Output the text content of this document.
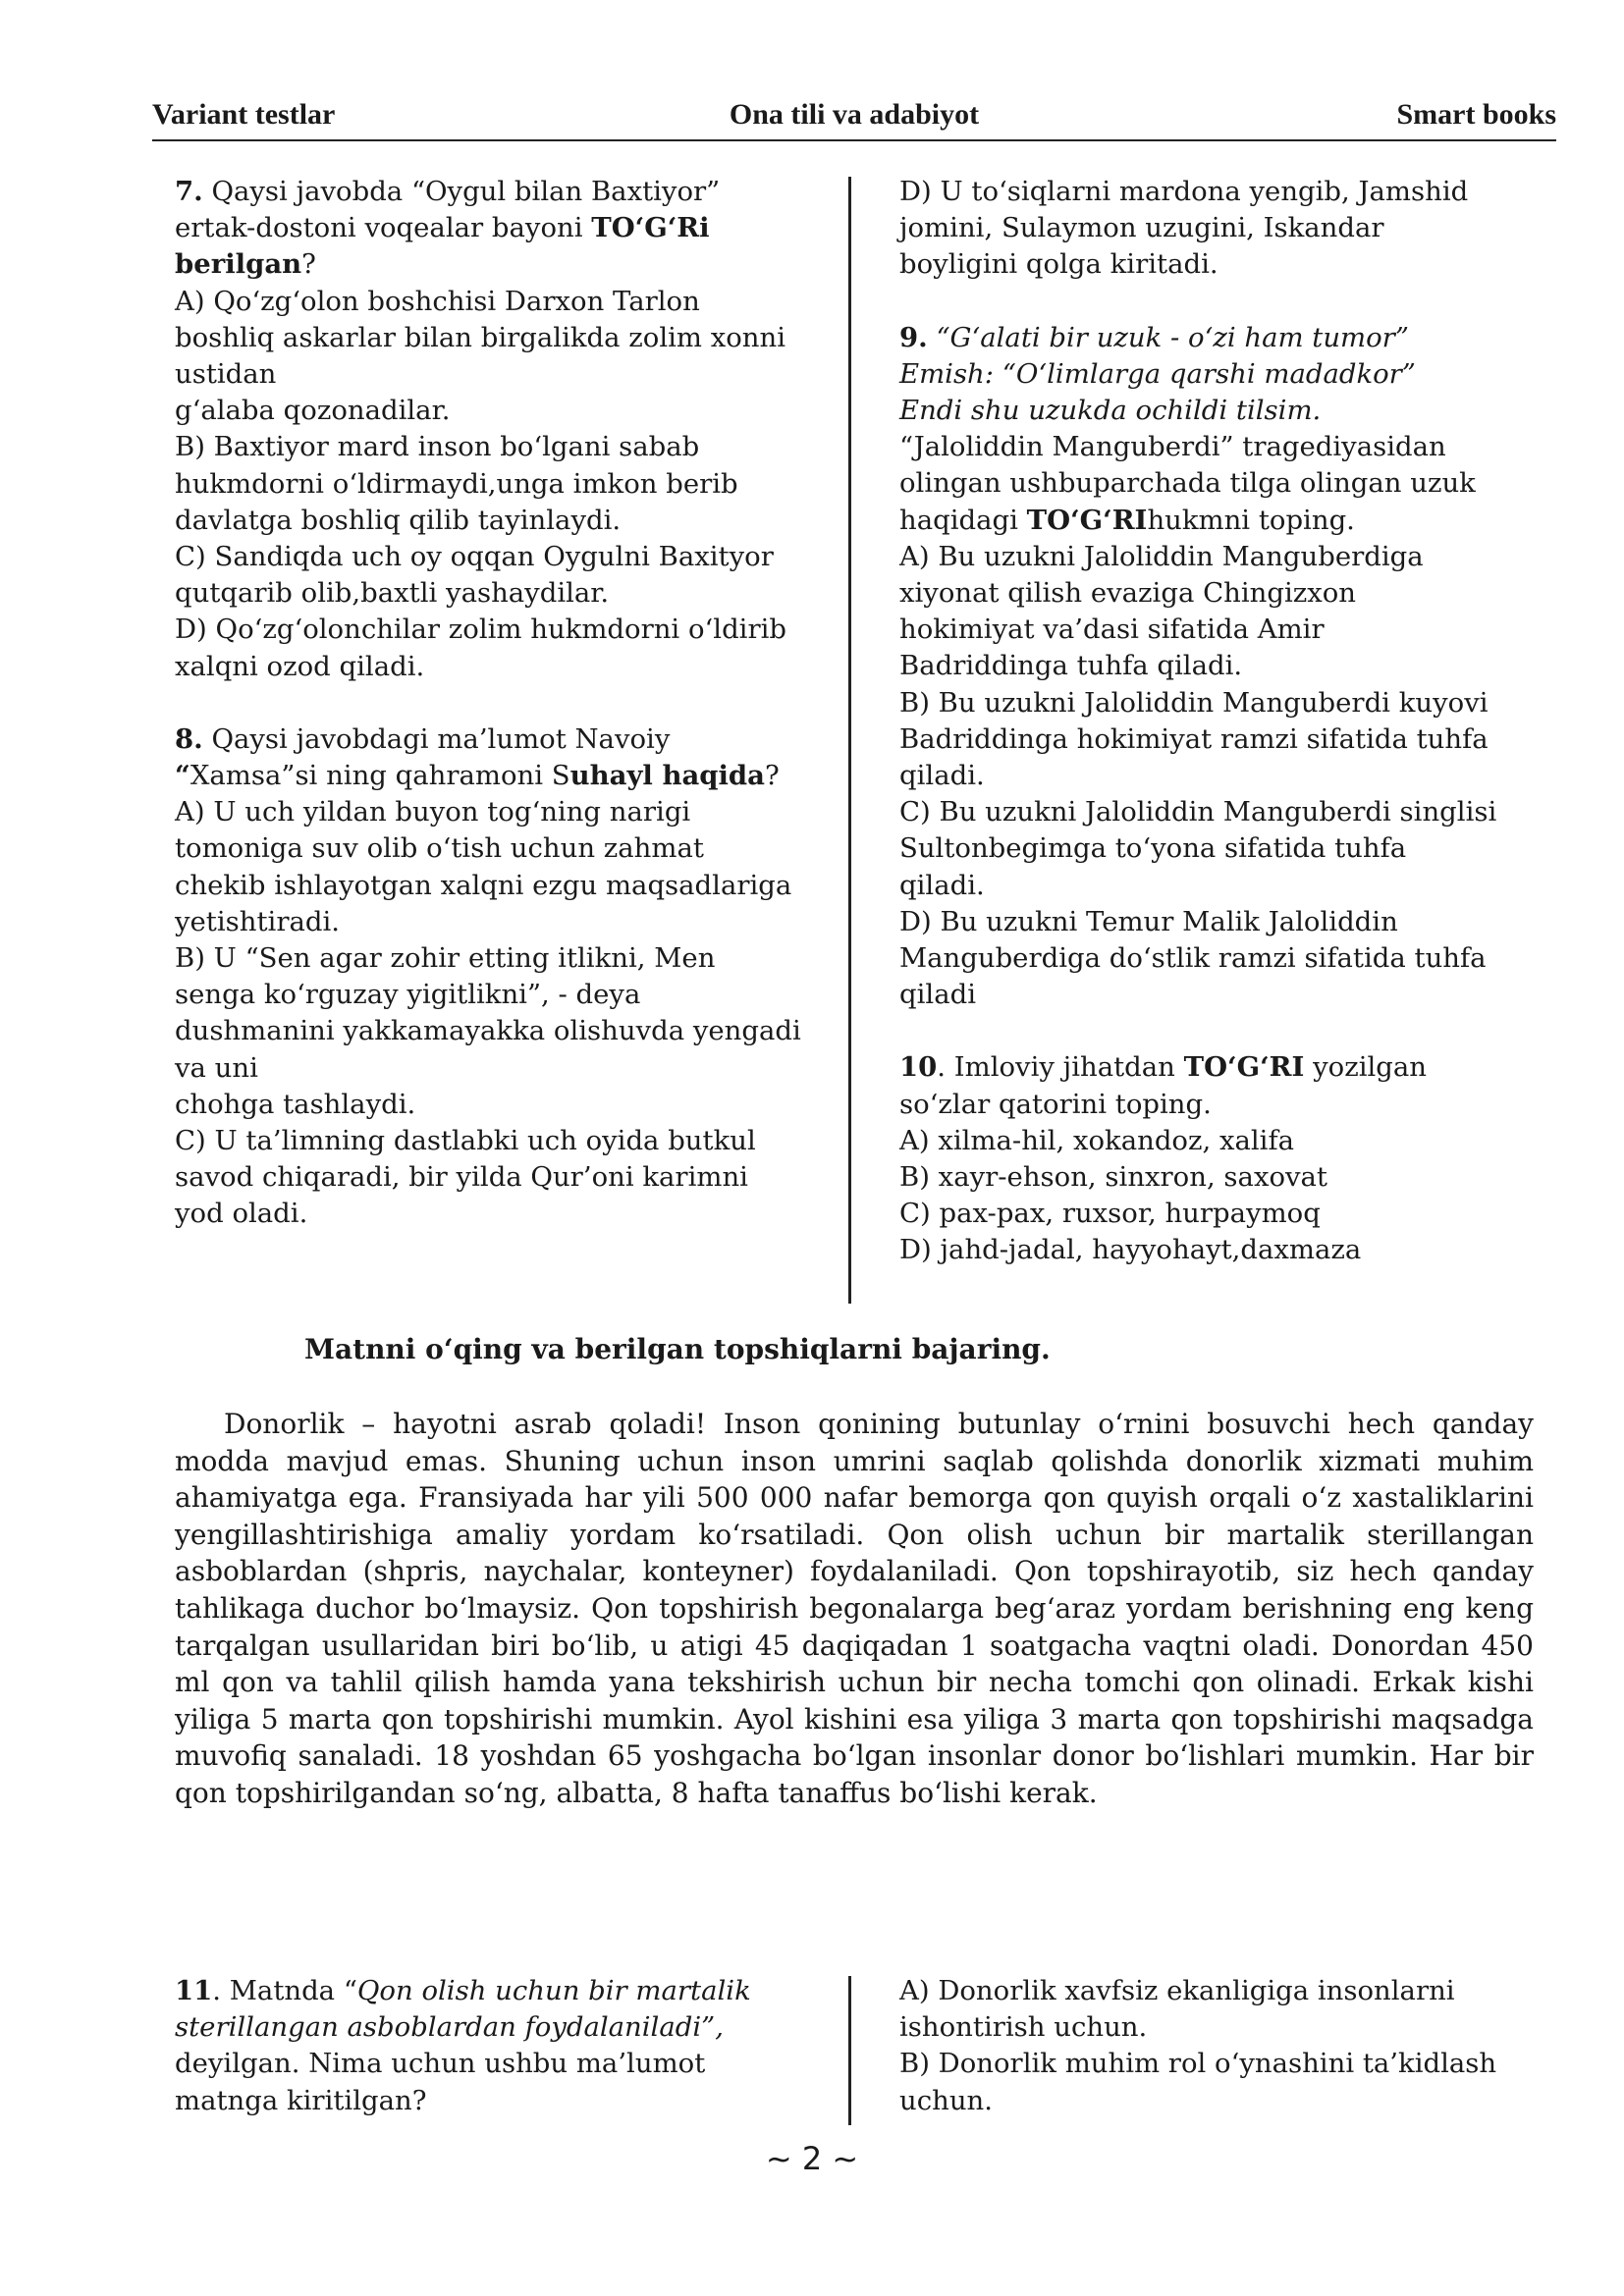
Variant testlar	Ona tili va adabiyot	Smart books

7. Qaysi javobda “Oygul bilan Baxtiyor” ertak-dostoni voqealar bayoni TO‘G‘Ri berilgan?

A) Qo‘zg‘olon boshchisi Darxon Tarlon boshliq askarlar bilan birgalikda zolim xonni ustidan

g‘alaba qozonadilar.

B) Baxtiyor mard inson bo‘lgani sabab hukmdorni o‘ldirmaydi,unga imkon berib davlatga boshliq qilib tayinlaydi.

C) Sandiqda uch oy oqqan Oygulni Baxityor qutqarib olib,baxtli yashaydilar.

D) Qo‘zg‘olonchilar zolim hukmdorni o‘ldirib xalqni ozod qiladi.

8. Qaysi javobdagi ma’lumot Navoiy “Xamsa”si ning qahramoni Suhayl haqida?

A) U uch yildan buyon tog‘ning narigi tomoniga suv olib o‘tish uchun zahmat chekib ishlayotgan xalqni ezgu maqsadlariga yetishtiradi.

B) U “Sen agar zohir etting itlikni, Men senga ko‘rguzay yigitlikni”, - deya dushmanini yakkamayakka olishuvda yengadi va uni

chohga tashlaydi.

C) U ta’limning dastlabki uch oyida butkul savod chiqaradi, bir yilda Qur’oni karimni yod oladi.

D) U to‘siqlarni mardona yengib, Jamshid jomini, Sulaymon uzugini, Iskandar boyligini qolga kiritadi.

9. “G‘alati bir uzuk - o‘zi ham tumor”

Emish: “O‘limlarga qarshi madadkor”

Endi shu uzukda ochildi tilsim.

“Jaloliddin Manguberdi” tragediyasidan olingan ushbuparchada tilga olingan uzuk haqidagi TO‘G‘RIhukmni toping.

A) Bu uzukni Jaloliddin Manguberdiga xiyonat qilish evaziga Chingizxon hokimiyat va’dasi sifatida Amir Badriddinga tuhfa qiladi.

B) Bu uzukni Jaloliddin Manguberdi kuyovi Badriddinga hokimiyat ramzi sifatida tuhfa qiladi.

C) Bu uzukni Jaloliddin Manguberdi singlisi Sultonbegimga to‘yona sifatida tuhfa qiladi.

D) Bu uzukni Temur Malik Jaloliddin Manguberdiga do‘stlik ramzi sifatida tuhfa qiladi

10. Imloviy jihatdan TO‘G‘RI yozilgan so‘zlar qatorini toping.

A) xilma-hil, xokandoz, xalifa

B) xayr-ehson, sinxron, saxovat

C) pax-pax, ruxsor, hurpaymoq

D) jahd-jadal, hayyohayt,daxmaza

Matnni o‘qing va berilgan topshiqlarni bajaring.

Donorlik – hayotni asrab qoladi! Inson qonining butunlay o‘rnini bosuvchi hech qanday modda mavjud emas. Shuning uchun inson umrini saqlab qolishda donorlik xizmati muhim ahamiyatga ega. Fransiyada har yili 500 000 nafar bemorga qon quyish orqali o‘z xastaliklarini yengillashtirishiga amaliy yordam ko‘rsatiladi. Qon olish uchun bir martalik sterillangan asboblardan (shpris, naychalar, konteyner) foydalaniladi. Qon topshirayotib, siz hech qanday tahlikaga duchor bo‘lmaysiz. Qon topshirish begonalarga beg‘araz yordam berishning eng keng tarqalgan usullaridan biri bo‘lib, u atigi 45 daqiqadan 1 soatgacha vaqtni oladi. Donordan 450 ml qon va tahlil qilish hamda yana tekshirish uchun bir necha tomchi qon olinadi. Erkak kishi yiliga 5 marta qon topshirishi mumkin. Ayol kishini esa yiliga 3 marta qon topshirishi maqsadga muvofiq sanaladi. 18 yoshdan 65 yoshgacha bo‘lgan insonlar donor bo‘lishlari mumkin. Har bir qon topshirilgandan so‘ng, albatta, 8 hafta tanaffus bo‘lishi kerak.

11. Matnda “Qon olish uchun bir martalik sterillangan asboblardan foydalaniladi”, deyilgan. Nima uchun ushbu ma’lumot matnga kiritilgan?

A) Donorlik xavfsiz ekanligiga insonlarni ishontirish uchun.

B) Donorlik muhim rol o‘ynashini ta’kidlash uchun.

~ 2 ~
